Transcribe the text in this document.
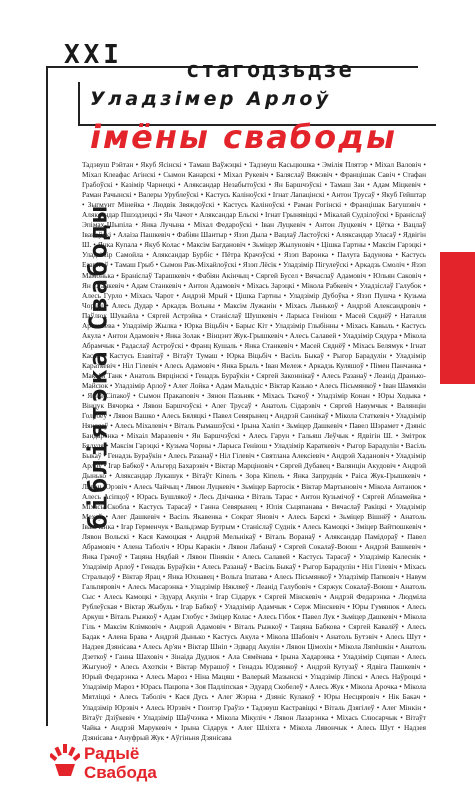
бібліятэка Свабоды
XXI
стагодзьдзе
Уладзімер Арлоў
імёны свабоды
Тадэвуш Рэйтан • Якуб Ясінскі • Тамаш Ваўжэцкі • Тадэвуш Касьцюшка • Эмілія Плятэр • Міхал Валовіч • Міхал Клеафас Агінскі • Сымон Канарскі • Міхал Рукевіч • Баляслаў Вяжэвіч • Францішак Савіч • Стафан Грабоўскі • Казімір Чарнецкі • Аляксандар Незабытоўскі • Ян Баршчэўскі • Тамаш Зан • Адам Міцкевіч • Раман Рачынскі • Валеры Урублеўскі • Кастусь Каліноўскі • Ігнат Лапацінскі • Антон Трусаў • Якуб Гейштар • Зыгмунт Мінейка • Людвік Звяждоўскі • Кастусь Каліноўскі • Раман Рогінскі • Францішак Багушэвіч • Аляксандар Пшэздзецкі • Ян Чачот • Аляксандар Ельскі • Ігнат Грынявіцкі • Мікалай Судзілоўскі • Браніслаў Эпімах-Шыпіла • Янка Лучына • Міхал Федароўскі • Іван Луцкевіч • Антон Луцкевіч • Цётка • Вацлаў Іваноўскі • Алаіза Пашкевіч • Фабіян Шантыр • Язэп Дыла • Вацлаў Ластоўскі • Аляксандар Уласаў • Ядвігін Ш. • Янка Купала • Якуб Колас • Максім Багдановіч • Зьміцер Жылуновіч • Цішка Гартны • Максім Гарэцкі • Уладзімір Самойла • Аляксандар Бурбіс • Пётра Крачэўскі • Язэп Варонка • Палута Бадунова • Кастусь Езавітаў • Тамаш Грыб • Сымон Рак-Міхайлоўскі • Язэп Лёсік • Уладзімір Пігулеўскі • Аркадзь Смоліч • Язэп Мамонька • Браніслаў Тарашкевіч • Фабіян Акінчыц • Сяргей Бусел • Вячаслаў Адамовіч • Юльян Саковіч • Ян Станкевіч • Адам Станкевіч • Антон Адамовіч • Міхась Зарэцкі • Мікола Рабкевіч • Уладзіслаў Галубок • Алесь Гурло • Міхась Чарот • Андрэй Мрый • Цішка Гартны • Уладзімір Дубоўка • Язэп Пушча • Кузьма Чорны • Алесь Дудар • Аркадзь Вольны • Максім Лужанін • Міхась Лынькоў • Андрэй Александровіч • Паўлюк Шукайла • Сяргей Астрэйка • Станіслаў Шушкевіч • Ларыса Геніюш • Масей Сяднёў • Наталля Арсеньева • Уладзімір Жылка • Юрка Віцьбіч • Барыс Кіт • Уладзімір Глыбінны • Міхась Кавыль • Кастусь Акула • Антон Адамовіч • Янка Золак • Вінцэнт Жук-Грышкевіч • Алесь Салавей • Уладзімір Сядура • Мікола Абрамчык • Радаслаў Астроўскі • Франц Кушаль • Янка Станкевіч • Масей Сяднёў • Міхась Белямук • Ігнат Касяк • Кастусь Езавітаў • Вітаўт Тумаш • Юрка Віцьбіч • Васіль Быкаў • Рыгор Барадулін • Уладзімір Караткевіч • Ніл Гілевіч • Алесь Адамовіч • Янка Брыль • Іван Мележ • Аркадзь Куляшоў • Пімен Панчанка • Максім Танк • Анатоль Вярцінскі • Генадзь Бураўкін • Сяргей Законнікаў • Алесь Разанаў • Леанід Дранько-Майсюк • Уладзімір Арлоў • Алег Лойка • Адам Мальдзіс • Віктар Казько • Алесь Пісьмянкоў • Іван Шамякін • Янка Сіпакоў • Сымон Пракаповіч • Зянон Пазьняк • Міхась Ткачоў • Уладзімір Конан • Юры Ходыка • Вінцук Вячорка • Лявон Баршчэўскі • Алег Трусаў • Анатоль Сідарэвіч • Сяргей Навумчык • Валянцін Голубеў • Лявон Вашко • Алесь Бяляцкі • Павел Севярынец • Андрэй Саннікаў • Мікола Статкевіч • Уладзімір Някляеў • Алесь Міхалевіч • Віталь Рымашэўскі • Ірына Халіп • Зьміцер Дашкевіч • Павел Шэрамет • Дзяніс Бандарэнка • Міхаіл Маразевіч • Ян Баршчэўскі • Алесь Гарун • Гальяш Леўчык • Ядвігін Ш. • Змітрок Бядуля • Максім Гарэцкі • Кузьма Чорны • Ларыса Геніюш • Уладзімір Караткевіч • Рыгор Барадулін • Васіль Быкаў • Генадзь Бураўкін • Алесь Разанаў • Ніл Гілевіч • Святлана Алексіевіч • Андрэй Хадановіч • Уладзімір Арлоў • Ігар Бабкоў • Альгерд Бахарэвіч • Віктар Марціновіч • Сяргей Дубавец • Валянцін Акудовіч • Андрэй Дынько • Аляксандар Лукашук • Вітаўт Кіпель • Зора Кіпель • Янка Запруднік • Раіса Жук-Грышкевіч • Лявон Юрэвіч • Алесь Чайчыц • Лявон Луцкевіч • Зьміцер Бартосік • Віктар Мартыновіч • Мікола Антанюк • Алесь Асіпцоў • Юрась Бушлякоў • Лесь Дзічанка • Віталь Тарас • Антон Кузьмічоў • Сяргей Абламейка • Міхась Скобла • Кастусь Тарасаў • Ганна Севярынец • Юлія Сьцяпанава • Вячаслаў Ракіцкі • Уладзімір Мехаў • Алег Дашкевіч • Васіль Якавенка • Сократ Яновіч • Алесь Барскі • Зьміцер Вішнёў • Анатоль Івашчанка • Ігар Герменчук • Вальдэмар Бутрым • Станіслаў Суднік • Алесь Камоцкі • Зміцер Вайтюшкевіч • Лявон Вольскі • Кася Камоцкая • Андрэй Мельнікаў • Віталь Воранаў • Аляксандар Памідораў • Павел Абрамовіч • Алена Таболіч • Юры Каракін • Лявон Лабанаў • Сяргей Сокалаў-Воюш • Андрэй Вашкевіч • Янка Грачоў • Тацяна Нядбай • Лявон Пінякін • Алесь Салавей • Кастусь Тарасаў • Уладзімір Калеснік • Уладзімір Арлоў • Генадзь Бураўкін • Алесь Разанаў • Васіль Быкаў • Рыгор Барадулін • Ніл Гілевіч • Міхась Стральцоў • Віктар Ярац • Янка Юхнавец • Вольга Іпатава • Алесь Пісьмянкоў • Уладзімір Папковіч • Навум Гальпяровіч • Алесь Масарэнка • Уладзімір Някляеў • Леанід Галубовіч • Сяржук Сокалаў-Воюш • Анатоль Сыс • Алесь Камоцкі • Эдуард Акулін • Ігар Сідарук • Сяргей Мінскевіч • Андрэй Федарэнка • Людміла Рублеўская • Віктар Жыбуль • Ігар Бабкоў • Уладзімір Адамчык • Серж Мінскевіч • Юры Гумянюк • Алесь Аркуш • Віталь Рыжкоў • Адам Глобус • Зміцер Колас • Алесь Гібок • Павел Лук • Зьміцер Дашкевіч • Мікола Гіль • Максім Клімковіч • Андрэй Адамовіч • Віталь Рыжкоў • Тацяна Бабкова • Сяргей Кавалёў • Алесь Бадак • Алена Брава • Андрэй Дынько • Кастусь Акула • Мікола Шабовіч • Анатоль Бутэвіч • Алесь Шут • Надзея Дзянісава • Алесь Ар'ян • Віктар Шніп • Эдвард Акулін • Лявон Цімохін • Мікола Ляпёшкін • Анатоль Дзеткоў • Ганна Шаховіч • Зінаіда Дудзюк • Ала Сямёнава • Ірына Хадарэнка • Уладзімір Сцяпан • Алесь Жыгуноў • Алесь Ахоткін • Віктар Мурашоў • Генадзь Юдзянкоў • Андрэй Кутузаў • Ядвіга Пашкевіч • Юрый Федарэнка • Алесь Мароз • Ніна Мацяш • Валерый Мазынскі • Уладзімір Ліпскі • Алесь Наўроцкі • Уладзімір Мароз • Юрась Пацюпа • Зоя Падліпская • Эдуард Скобелеў • Алесь Жук • Мікола Арочка • Мікола Мятліцкі • Алесь Таболіч • Кася Дусь • Алег Жэрна • Дзяніс Кулакоў • Юры Несцяровіч • Нік Бакач • Уладзімір Юрэвіч • Алесь Юрэвіч • Гюнтэр Граўзэ • Тадэвуш Кастравіцкі • Віталь Дзягілеў • Алег Мінкін • Вітаўт Дзіўкевіч • Уладзімір Шаўчэнка • Мікола Мікуліч • Лявон Лазарэнка • Міхась Слюсарчык • Вітаўт Чайка • Андрэй Марукевіч • Ірына Сідарук • Алег Шліхта • Мікола Лявончык • Алесь Шут • Надзея Дзянісава • Ануфрый Жук • Аўгіньня Дзянісава
Радыё
Свабода
